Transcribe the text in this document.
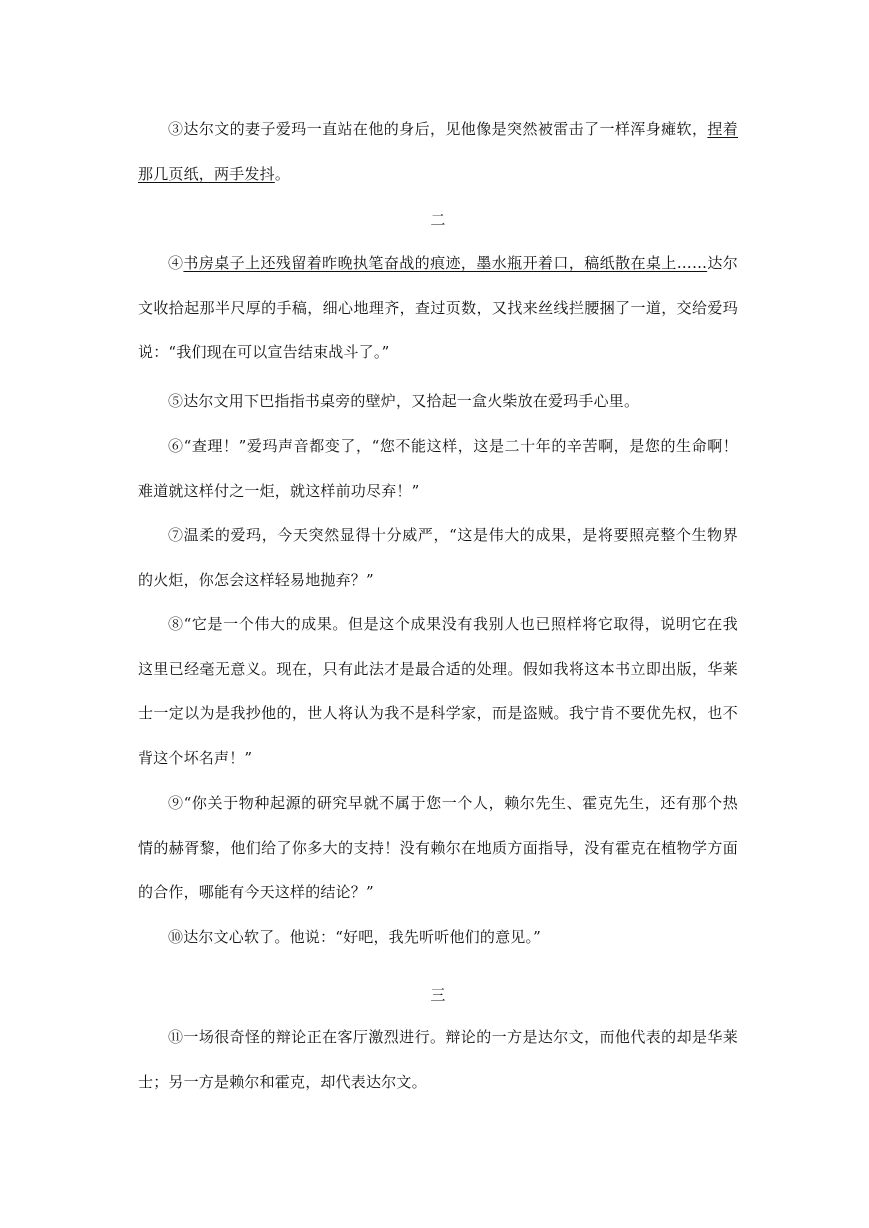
③达尔文的妻子爱玛一直站在他的身后，见他像是突然被雷击了一样浑身瘫软，捏着那几页纸，两手发抖。

二

④书房桌子上还残留着昨晚执笔奋战的痕迹，墨水瓶开着口，稿纸散在桌上……达尔文收拾起那半尺厚的手稿，细心地理齐，查过页数，又找来丝线拦腰捆了一道，交给爱玛说：“我们现在可以宣告结束战斗了。”

⑤达尔文用下巴指指书桌旁的壁炉，又拾起一盒火柴放在爱玛手心里。

⑥“查理！”爱玛声音都变了，“您不能这样，这是二十年的辛苦啊，是您的生命啊！难道就这样付之一炬，就这样前功尽弃！”

⑦温柔的爱玛，今天突然显得十分威严，“这是伟大的成果，是将要照亮整个生物界的火炬，你怎会这样轻易地抛弃？”

⑧“它是一个伟大的成果。但是这个成果没有我别人也已照样将它取得，说明它在我这里已经毫无意义。现在，只有此法才是最合适的处理。假如我将这本书立即出版，华莱士一定以为是我抄他的，世人将认为我不是科学家，而是盗贼。我宁肯不要优先权，也不背这个坏名声！”

⑨“你关于物种起源的研究早就不属于您一个人，赖尔先生、霍克先生，还有那个热情的赫胥黎，他们给了你多大的支持！没有赖尔在地质方面指导，没有霍克在植物学方面的合作，哪能有今天这样的结论？”

⑩达尔文心软了。他说：“好吧，我先听听他们的意见。”

三

⑪一场很奇怪的辩论正在客厅激烈进行。辩论的一方是达尔文，而他代表的却是华莱士；另一方是赖尔和霍克，却代表达尔文。
